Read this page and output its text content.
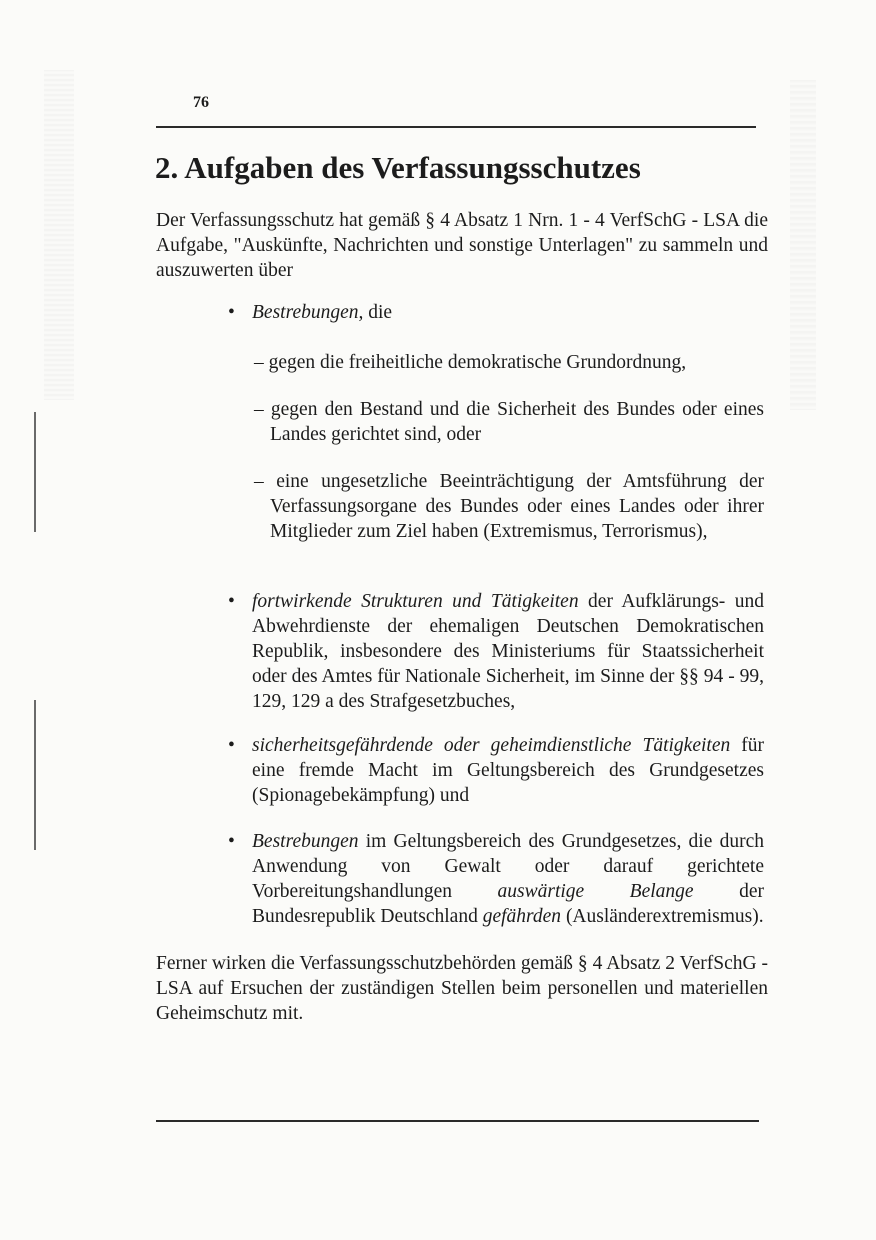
76
2. Aufgaben des Verfassungsschutzes

Der Verfassungsschutz hat gemäß § 4 Absatz 1 Nrn. 1 - 4 VerfSchG - LSA die Aufgabe, "Auskünfte, Nachrichten und sonstige Unterlagen" zu sammeln und auszuwerten über

• Bestrebungen, die

– gegen die freiheitliche demokratische Grundordnung,

– gegen den Bestand und die Sicherheit des Bundes oder eines Landes gerichtet sind, oder

– eine ungesetzliche Beeinträchtigung der Amtsführung der Verfassungsorgane des Bundes oder eines Landes oder ihrer Mitglieder zum Ziel haben (Extremismus, Terrorismus),

• fortwirkende Strukturen und Tätigkeiten der Aufklärungs- und Abwehrdienste der ehemaligen Deutschen Demokratischen Republik, insbesondere des Ministeriums für Staatssicherheit oder des Amtes für Nationale Sicherheit, im Sinne der §§ 94 - 99, 129, 129 a des Strafgesetzbuches,

• sicherheitsgefährdende oder geheimdienstliche Tätigkeiten für eine fremde Macht im Geltungsbereich des Grundgesetzes (Spionagebekämpfung) und

• Bestrebungen im Geltungsbereich des Grundgesetzes, die durch Anwendung von Gewalt oder darauf gerichtete Vorbereitungshandlungen auswärtige Belange der Bundesrepublik Deutschland gefährden (Ausländerextremismus).

Ferner wirken die Verfassungsschutzbehörden gemäß § 4 Absatz 2 VerfSchG - LSA auf Ersuchen der zuständigen Stellen beim personellen und materiellen Geheimschutz mit.
